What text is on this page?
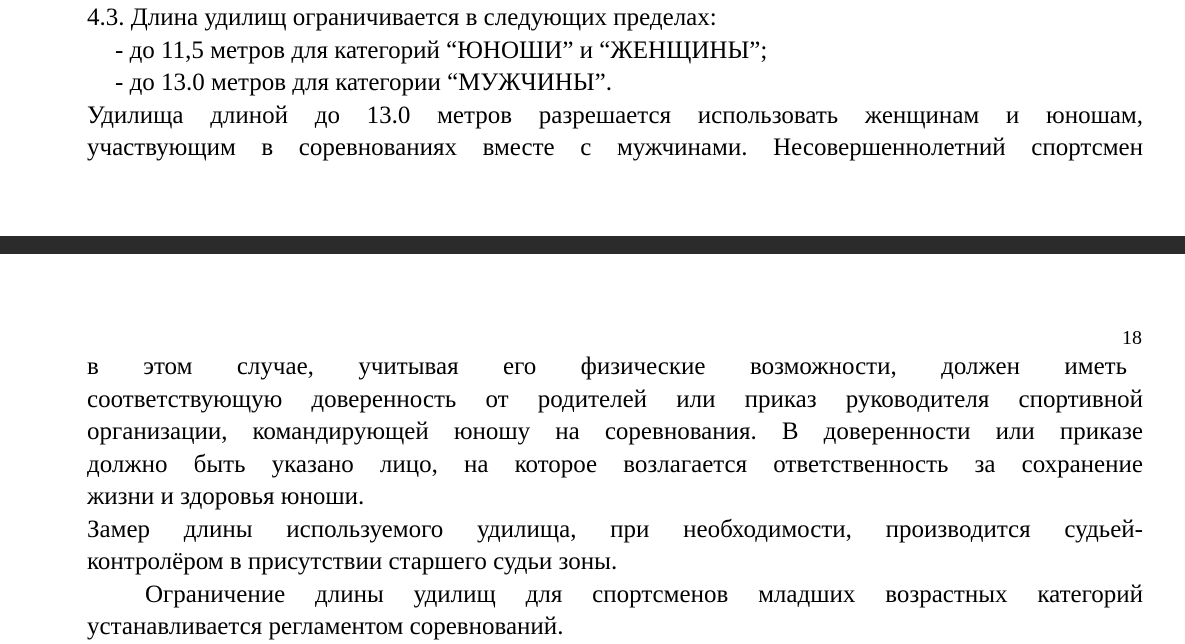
4.3. Длина удилищ ограничивается в следующих пределах:
- до 11,5 метров для категорий “ЮНОШИ” и “ЖЕНЩИНЫ”;
- до 13.0 метров для категории “МУЖЧИНЫ”.
Удилища длиной до 13.0 метров разрешается использовать женщинам и юношам,
участвующим в соревнованиях вместе с мужчинами. Несовершеннолетний спортсмен
18
в этом случае, учитывая его физические возможности, должен иметь
соответствующую доверенность от родителей или приказ руководителя спортивной
организации, командирующей юношу на соревнования. В доверенности или приказе
должно быть указано лицо, на которое возлагается ответственность за сохранение
жизни и здоровья юноши.
Замер длины используемого удилища, при необходимости, производится судьей-
контролёром в присутствии старшего судьи зоны.
Ограничение длины удилищ для спортсменов младших возрастных категорий
устанавливается регламентом соревнований.
